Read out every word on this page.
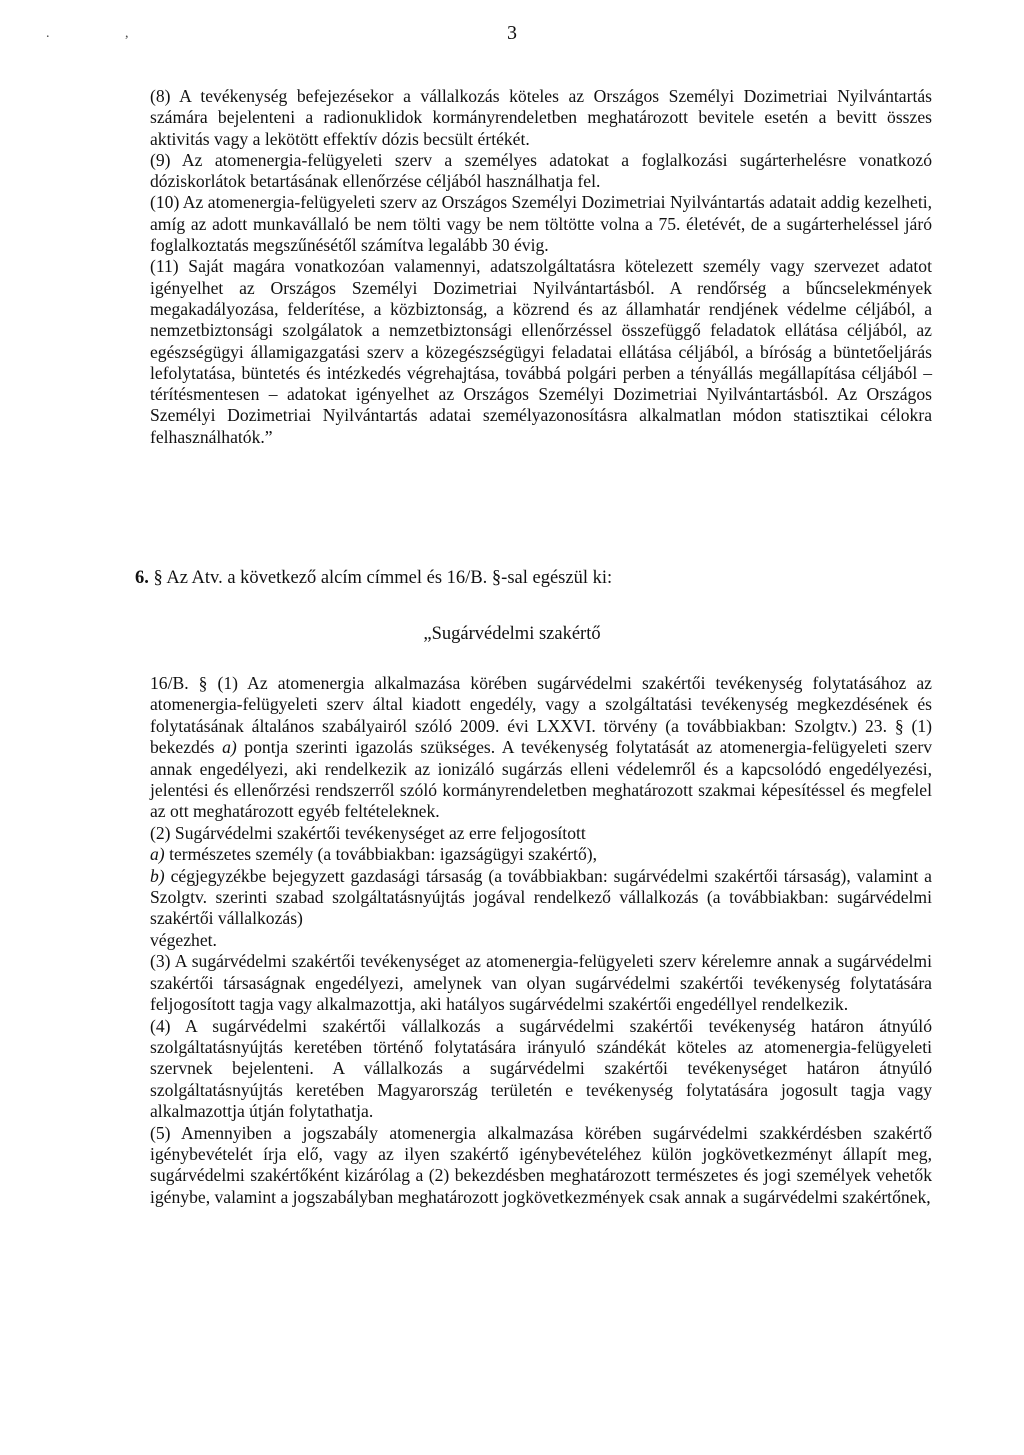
. ,	3

(8) A tevékenység befejezésekor a vállalkozás köteles az Országos Személyi Dozimetriai Nyilvántartás számára bejelenteni a radionuklidok kormányrendeletben meghatározott bevitele esetén a bevitt összes aktivitás vagy a lekötött effektív dózis becsült értékét.

(9) Az atomenergia-felügyeleti szerv a személyes adatokat a foglalkozási sugárterhelésre vonatkozó dóziskorlátok betartásának ellenőrzése céljából használhatja fel.

(10) Az atomenergia-felügyeleti szerv az Országos Személyi Dozimetriai Nyilvántartás adatait addig kezelheti, amíg az adott munkavállaló be nem tölti vagy be nem töltötte volna a 75. életévét, de a sugárterheléssel járó foglalkoztatás megszűnésétől számítva legalább 30 évig.

(11) Saját magára vonatkozóan valamennyi, adatszolgáltatásra kötelezett személy vagy szervezet adatot igényelhet az Országos Személyi Dozimetriai Nyilvántartásból. A rendőrség a bűncselekmények megakadályozása, felderítése, a közbiztonság, a közrend és az államhatár rendjének védelme céljából, a nemzetbiztonsági szolgálatok a nemzetbiztonsági ellenőrzéssel összefüggő feladatok ellátása céljából, az egészségügyi államigazgatási szerv a közegészségügyi feladatai ellátása céljából, a bíróság a büntetőeljárás lefolytatása, büntetés és intézkedés végrehajtása, továbbá polgári perben a tényállás megállapítása céljából – térítésmentesen – adatokat igényelhet az Országos Személyi Dozimetriai Nyilvántartásból. Az Országos Személyi Dozimetriai Nyilvántartás adatai személyazonosításra alkalmatlan módon statisztikai célokra felhasználhatók.”

6. § Az Atv. a következő alcím címmel és 16/B. §-sal egészül ki:
„Sugárvédelmi szakértő

16/B. § (1) Az atomenergia alkalmazása körében sugárvédelmi szakértői tevékenység folytatásához az atomenergia-felügyeleti szerv által kiadott engedély, vagy a szolgáltatási tevékenység megkezdésének és folytatásának általános szabályairól szóló 2009. évi LXXVI. törvény (a továbbiakban: Szolgtv.) 23. § (1) bekezdés a) pontja szerinti igazolás szükséges. A tevékenység folytatását az atomenergia-felügyeleti szerv annak engedélyezi, aki rendelkezik az ionizáló sugárzás elleni védelemről és a kapcsolódó engedélyezési, jelentési és ellenőrzési rendszerről szóló kormányrendeletben meghatározott szakmai képesítéssel és megfelel az ott meghatározott egyéb feltételeknek.

(2) Sugárvédelmi szakértői tevékenységet az erre feljogosított

a) természetes személy (a továbbiakban: igazságügyi szakértő),

b) cégjegyzékbe bejegyzett gazdasági társaság (a továbbiakban: sugárvédelmi szakértői társaság), valamint a Szolgtv. szerinti szabad szolgáltatásnyújtás jogával rendelkező vállalkozás (a továbbiakban: sugárvédelmi szakértői vállalkozás)

végezhet.

(3) A sugárvédelmi szakértői tevékenységet az atomenergia-felügyeleti szerv kérelemre annak a sugárvédelmi szakértői társaságnak engedélyezi, amelynek van olyan sugárvédelmi szakértői tevékenység folytatására feljogosított tagja vagy alkalmazottja, aki hatályos sugárvédelmi szakértői engedéllyel rendelkezik.

(4) A sugárvédelmi szakértői vállalkozás a sugárvédelmi szakértői tevékenység határon átnyúló szolgáltatásnyújtás keretében történő folytatására irányuló szándékát köteles az atomenergia-felügyeleti szervnek bejelenteni. A vállalkozás a sugárvédelmi szakértői tevékenységet határon átnyúló szolgáltatásnyújtás keretében Magyarország területén e tevékenység folytatására jogosult tagja vagy alkalmazottja útján folytathatja.

(5) Amennyiben a jogszabály atomenergia alkalmazása körében sugárvédelmi szakkérdésben szakértő igénybevételét írja elő, vagy az ilyen szakértő igénybevételéhez külön jogkövetkezményt állapít meg, sugárvédelmi szakértőként kizárólag a (2) bekezdésben meghatározott természetes és jogi személyek vehetők igénybe, valamint a jogszabályban meghatározott jogkövetkezmények csak annak a sugárvédelmi szakértőnek,
